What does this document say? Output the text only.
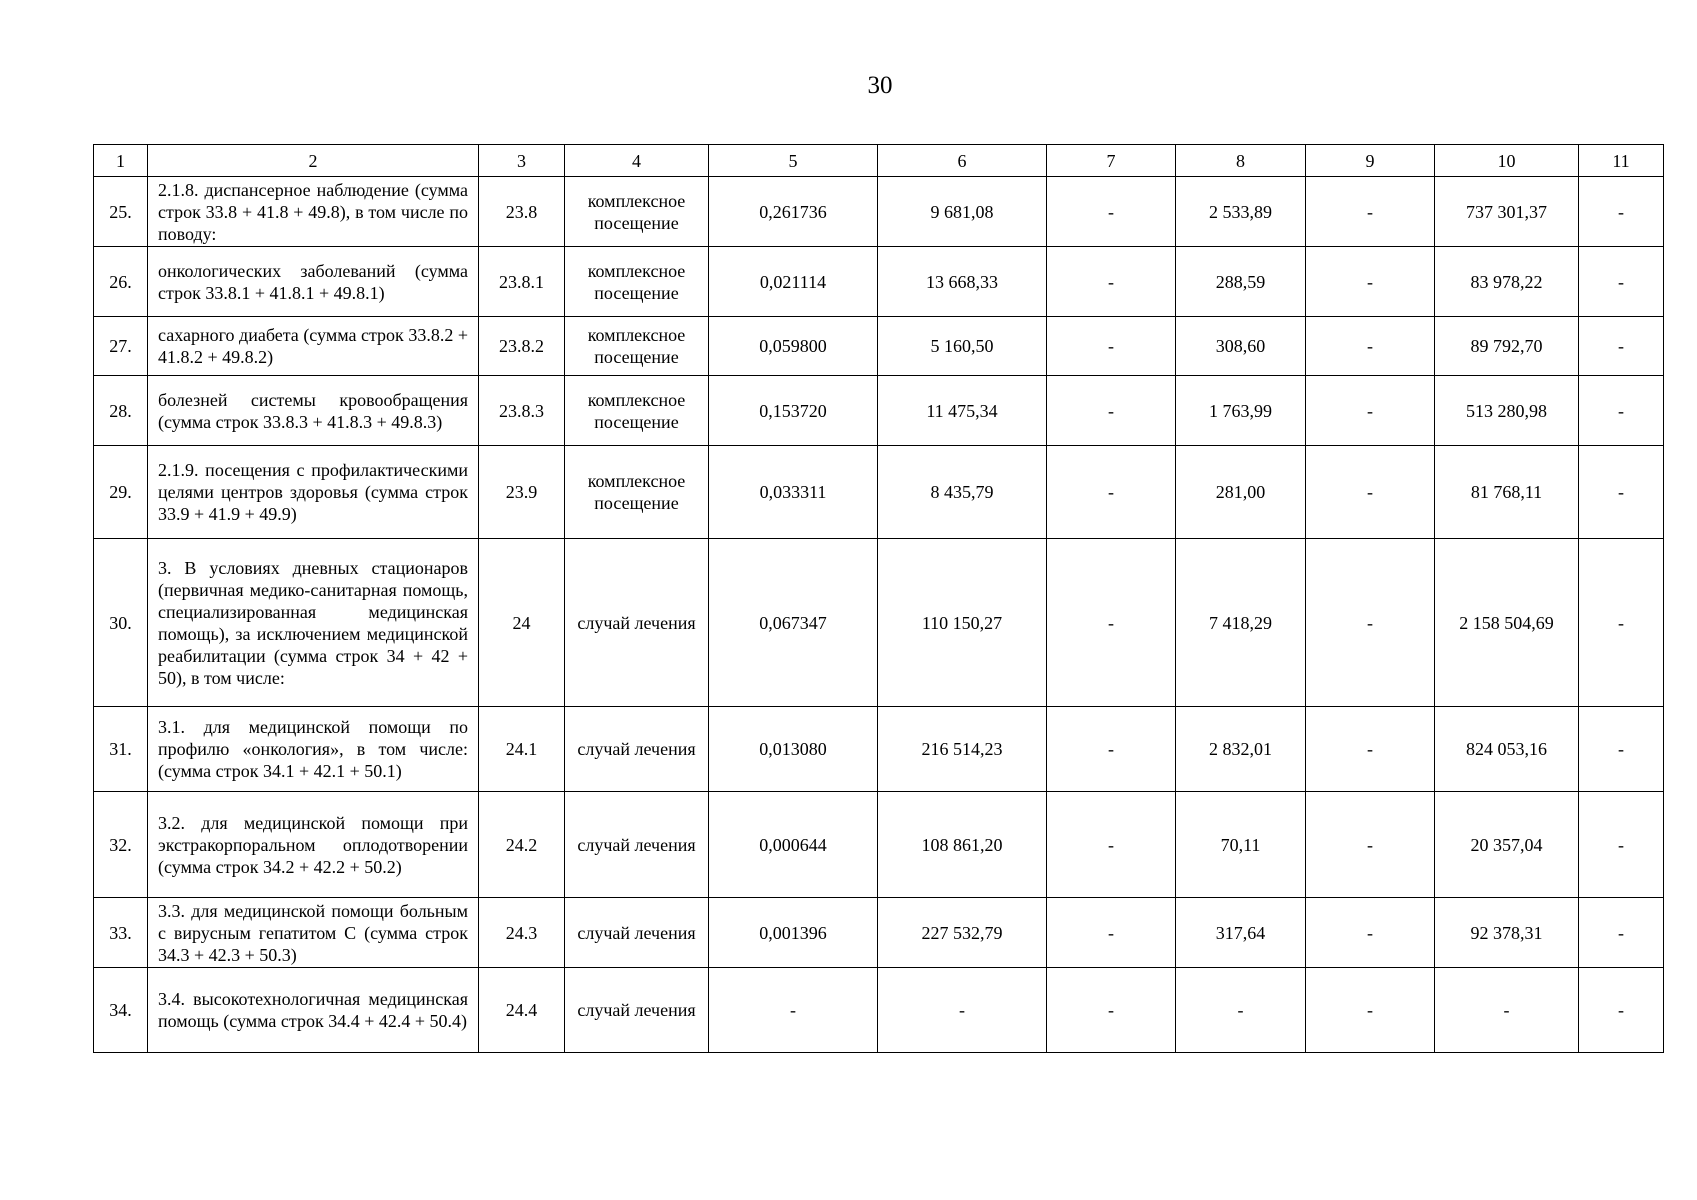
30
1	2	3	4	5	6	7	8	9	10	11
25.	2.1.8. диспансерное наблюдение (сумма строк 33.8 + 41.8 + 49.8), в том числе по поводу:	23.8	комплексное посещение	0,261736	9 681,08	-	2 533,89	-	737 301,37	-
26.	онкологических заболеваний (сумма строк 33.8.1 + 41.8.1 + 49.8.1)	23.8.1	комплексное посещение	0,021114	13 668,33	-	288,59	-	83 978,22	-
27.	сахарного диабета (сумма строк 33.8.2 + 41.8.2 + 49.8.2)	23.8.2	комплексное посещение	0,059800	5 160,50	-	308,60	-	89 792,70	-
28.	болезней системы кровообращения (сумма строк 33.8.3 + 41.8.3 + 49.8.3)	23.8.3	комплексное посещение	0,153720	11 475,34	-	1 763,99	-	513 280,98	-
29.	2.1.9. посещения с профилактическими целями центров здоровья (сумма строк 33.9 + 41.9 + 49.9)	23.9	комплексное посещение	0,033311	8 435,79	-	281,00	-	81 768,11	-
30.	3. В условиях дневных стационаров (первичная медико-санитарная помощь, специализированная медицинская помощь), за исключением медицинской реабилитации (сумма строк 34 + 42 + 50), в том числе:	24	случай лечения	0,067347	110 150,27	-	7 418,29	-	2 158 504,69	-
31.	3.1. для медицинской помощи по профилю «онкология», в том числе: (сумма строк 34.1 + 42.1 + 50.1)	24.1	случай лечения	0,013080	216 514,23	-	2 832,01	-	824 053,16	-
32.	3.2. для медицинской помощи при экстракорпоральном оплодотворении (сумма строк 34.2 + 42.2 + 50.2)	24.2	случай лечения	0,000644	108 861,20	-	70,11	-	20 357,04	-
33.	3.3. для медицинской помощи больным с вирусным гепатитом С (сумма строк 34.3 + 42.3 + 50.3)	24.3	случай лечения	0,001396	227 532,79	-	317,64	-	92 378,31	-
34.	3.4. высокотехнологичная медицинская помощь (сумма строк 34.4 + 42.4 + 50.4)	24.4	случай лечения	-	-	-	-	-	-	-
